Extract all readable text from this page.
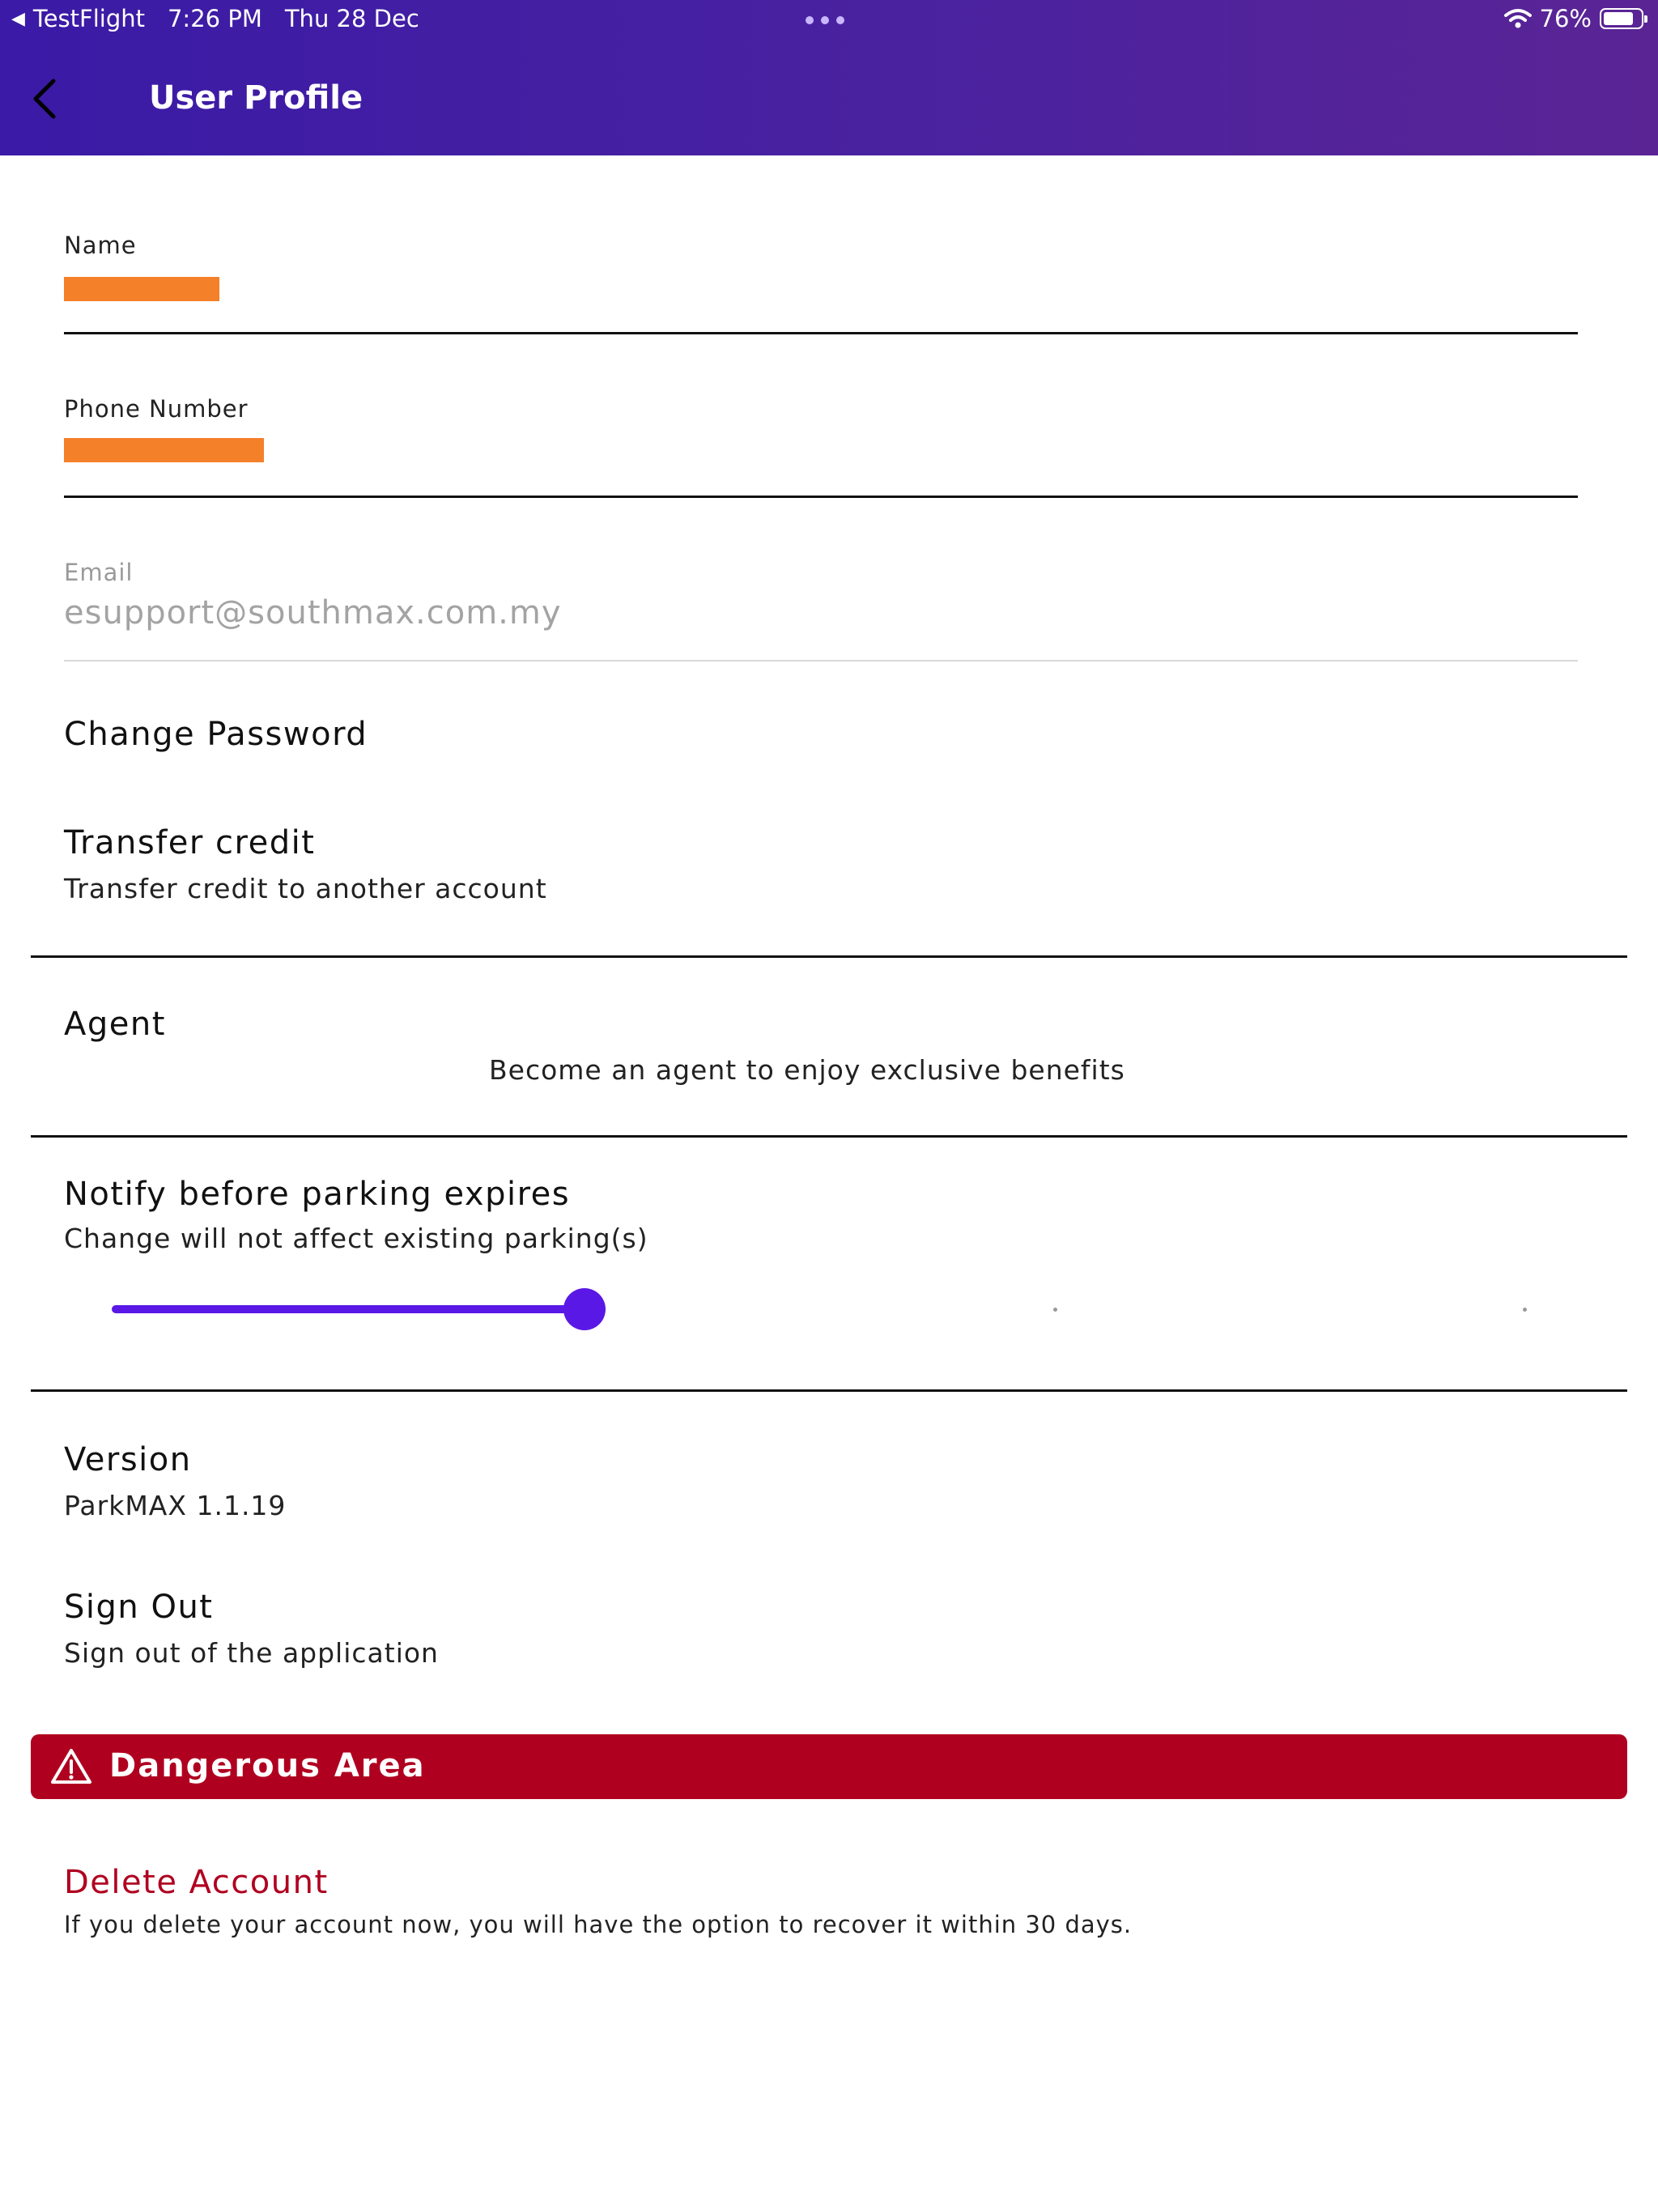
◀ TestFlight 7:26 PM Thu 28 Dec	76%
User Profile
Name
Phone Number
Email
esupport@southmax.com.my
Change Password
Transfer credit
Transfer credit to another account
Agent
Become an agent to enjoy exclusive benefits
Notify before parking expires
Change will not affect existing parking(s)
Version
ParkMAX 1.1.19
Sign Out
Sign out of the application
Dangerous Area
Delete Account
If you delete your account now, you will have the option to recover it within 30 days.
